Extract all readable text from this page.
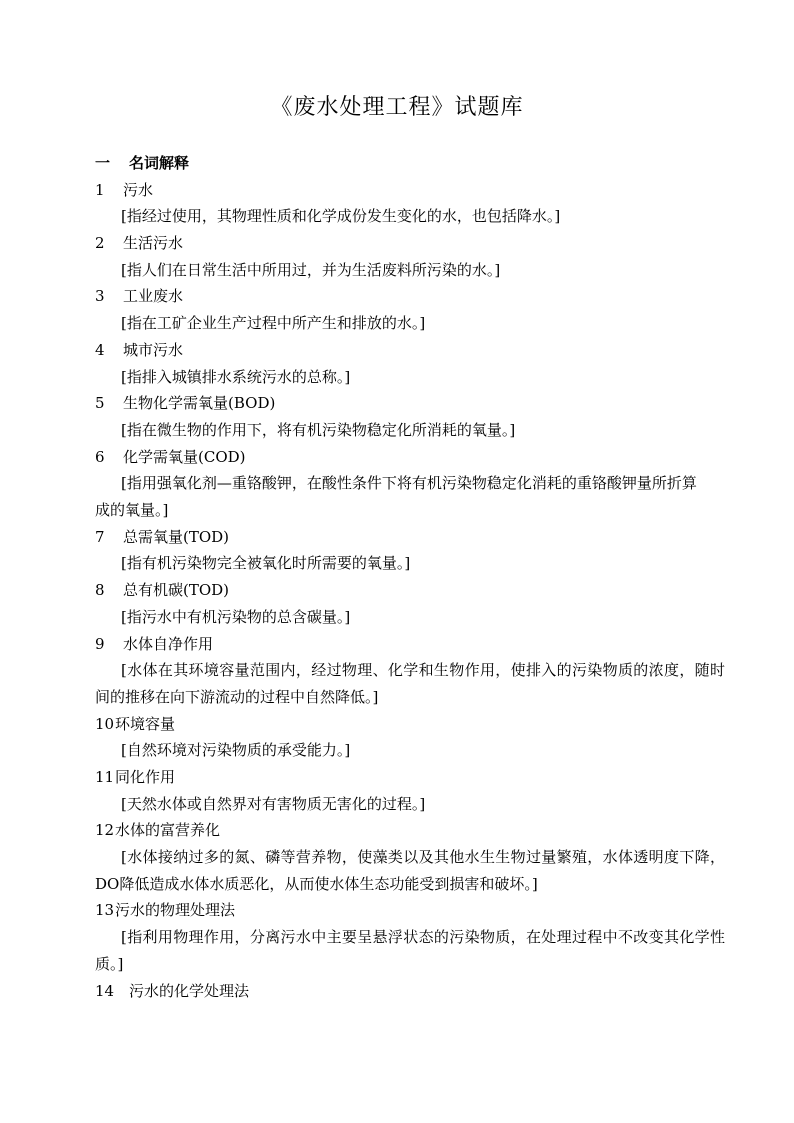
《废水处理工程》试题库
一 名词解释
1 污水
[指经过使用，其物理性质和化学成份发生变化的水，也包括降水。]
2 生活污水
[指人们在日常生活中所用过，并为生活废料所污染的水。]
3 工业废水
[指在工矿企业生产过程中所产生和排放的水。]
4 城市污水
[指排入城镇排水系统污水的总称。]
5 生物化学需氧量(BOD)
[指在微生物的作用下，将有机污染物稳定化所消耗的氧量。]
6 化学需氧量(COD)
[指用强氧化剂—重铬酸钾，在酸性条件下将有机污染物稳定化消耗的重铬酸钾量所折算
成的氧量。]
7 总需氧量(TOD)
[指有机污染物完全被氧化时所需要的氧量。]
8 总有机碳(TOD)
[指污水中有机污染物的总含碳量。]
9 水体自净作用
[水体在其环境容量范围内，经过物理、化学和生物作用，使排入的污染物质的浓度，随时间的推移在向下游流动的过程中自然降低。]
10环境容量
[自然环境对污染物质的承受能力。]
11同化作用
[天然水体或自然界对有害物质无害化的过程。]
12水体的富营养化
[水体接纳过多的氮、磷等营养物，使藻类以及其他水生生物过量繁殖，水体透明度下降，DO降低造成水体水质恶化，从而使水体生态功能受到损害和破坏。]
13污水的物理处理法
[指利用物理作用，分离污水中主要呈悬浮状态的污染物质，在处理过程中不改变其化学性质。]
14 污水的化学处理法
